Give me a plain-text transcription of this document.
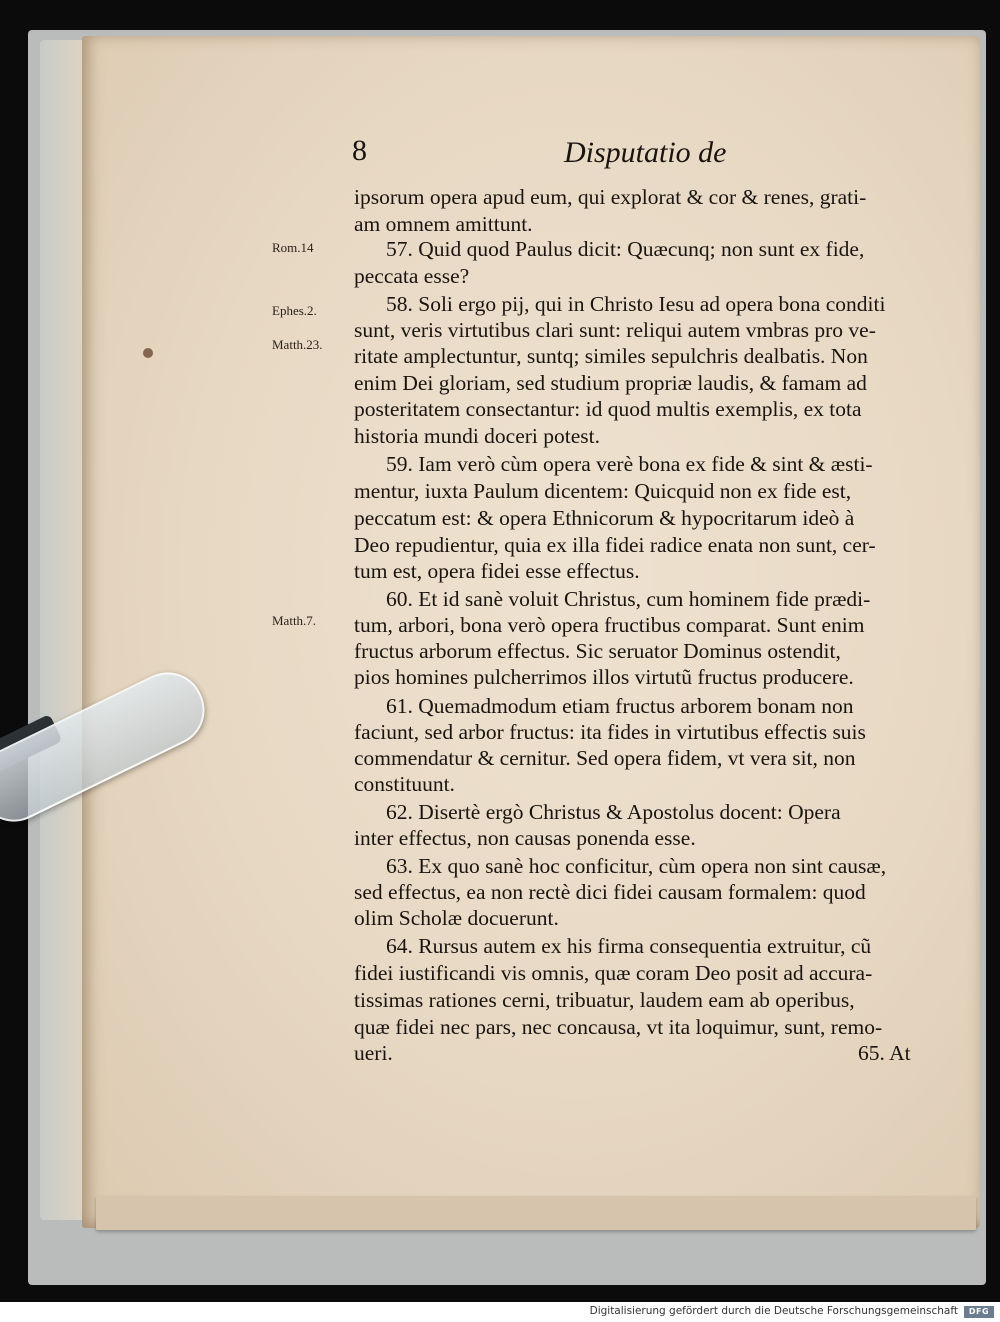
8	Disputatio de
Rom.14
Ephes.2.
Matth.23.
Matth.7.
ipsorum opera apud eum, qui explorat & cor & renes, grati-
am omnem amittunt.
57. Quid quod Paulus dicit: Quæcunq; non sunt ex fide,
peccata esse?
58. Soli ergo pij, qui in Christo Iesu ad opera bona conditi
sunt, veris virtutibus clari sunt: reliqui autem vmbras pro ve-
ritate amplectuntur, suntq; similes sepulchris dealbatis. Non
enim Dei gloriam, sed studium propriæ laudis, & famam ad
posteritatem consectantur: id quod multis exemplis, ex tota
historia mundi doceri potest.
59. Iam verò cùm opera verè bona ex fide & sint & æsti-
mentur, iuxta Paulum dicentem: Quicquid non ex fide est,
peccatum est: & opera Ethnicorum & hypocritarum ideò à
Deo repudientur, quia ex illa fidei radice enata non sunt, cer-
tum est, opera fidei esse effectus.
60. Et id sanè voluit Christus, cum hominem fide prædi-
tum, arbori, bona verò opera fructibus comparat. Sunt enim
fructus arborum effectus. Sic seruator Dominus ostendit,
pios homines pulcherrimos illos virtutũ fructus producere.
61. Quemadmodum etiam fructus arborem bonam non
faciunt, sed arbor fructus: ita fides in virtutibus effectis suis
commendatur & cernitur. Sed opera fidem, vt vera sit, non
constituunt.
62. Disertè ergò Christus & Apostolus docent: Opera
inter effectus, non causas ponenda esse.
63. Ex quo sanè hoc conficitur, cùm opera non sint causæ,
sed effectus, ea non rectè dici fidei causam formalem: quod
olim Scholæ docuerunt.
64. Rursus autem ex his firma consequentia extruitur, cũ
fidei iustificandi vis omnis, quæ coram Deo posit ad accura-
tissimas rationes cerni, tribuatur, laudem eam ab operibus,
quæ fidei nec pars, nec concausa, vt ita loquimur, sunt, remo-
ueri.	65. At
Digitalisierung gefördert durch die Deutsche Forschungsgemeinschaft	DFG
